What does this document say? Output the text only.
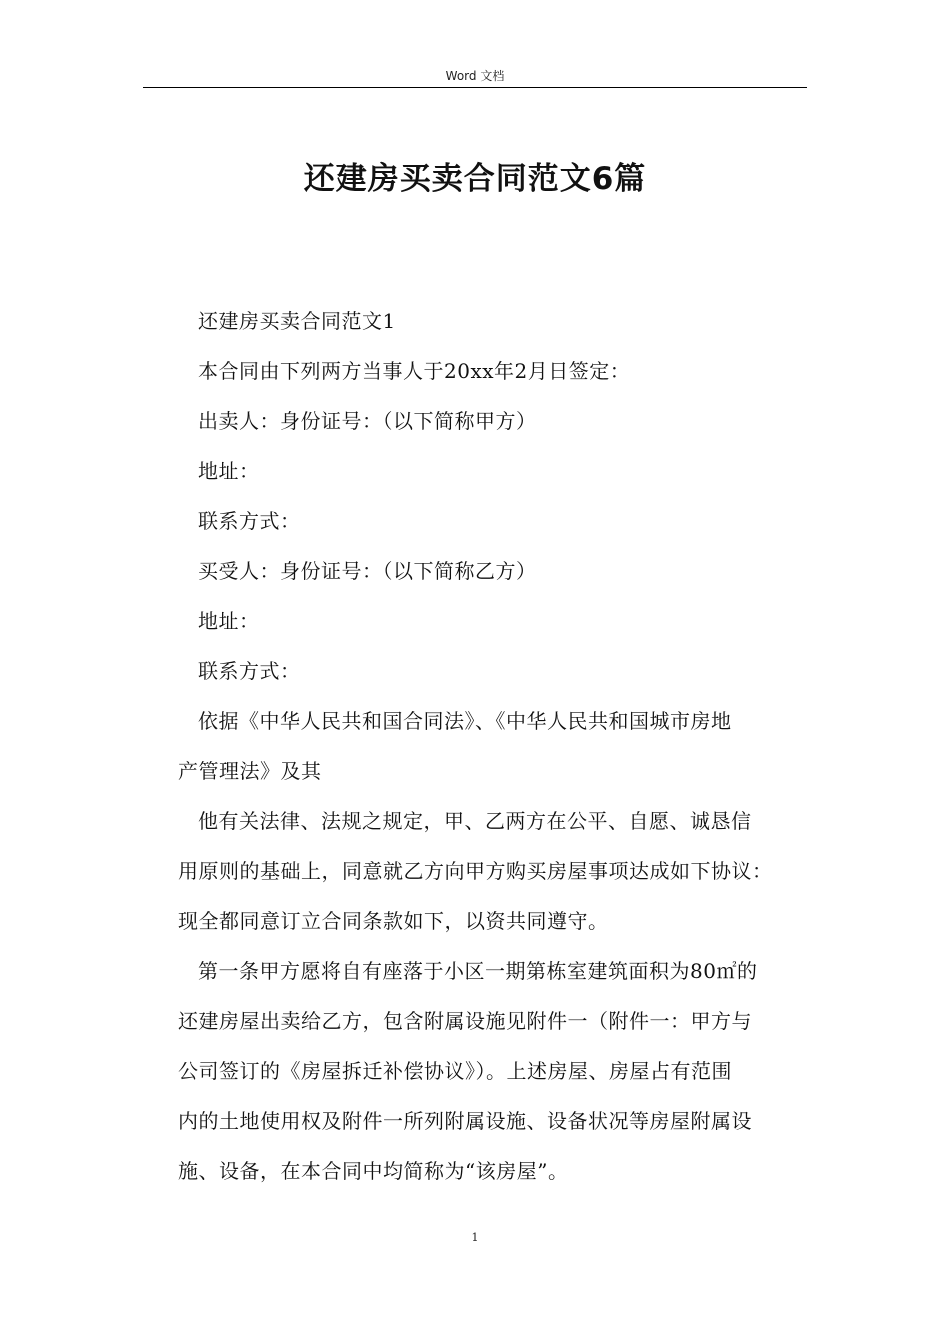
Word 文档
还建房买卖合同范文6篇

还建房买卖合同范文1

本合同由下列两方当事人于20xx年2月日签定：

出卖人：身份证号：（以下简称甲方）

地址：

联系方式：

买受人：身份证号：（以下简称乙方）

地址：

联系方式：

依据《中华人民共和国合同法》、《中华人民共和国城市房地

产管理法》及其

他有关法律、法规之规定，甲、乙两方在公平、自愿、诚恳信

用原则的基础上，同意就乙方向甲方购买房屋事项达成如下协议：

现全都同意订立合同条款如下，以资共同遵守。

第一条甲方愿将自有座落于小区一期第栋室建筑面积为80㎡的

还建房屋出卖给乙方，包含附属设施见附件一（附件一：甲方与

公司签订的《房屋拆迁补偿协议》）。上述房屋、房屋占有范围

内的土地使用权及附件一所列附属设施、设备状况等房屋附属设

施、设备，在本合同中均简称为“该房屋”。

1
